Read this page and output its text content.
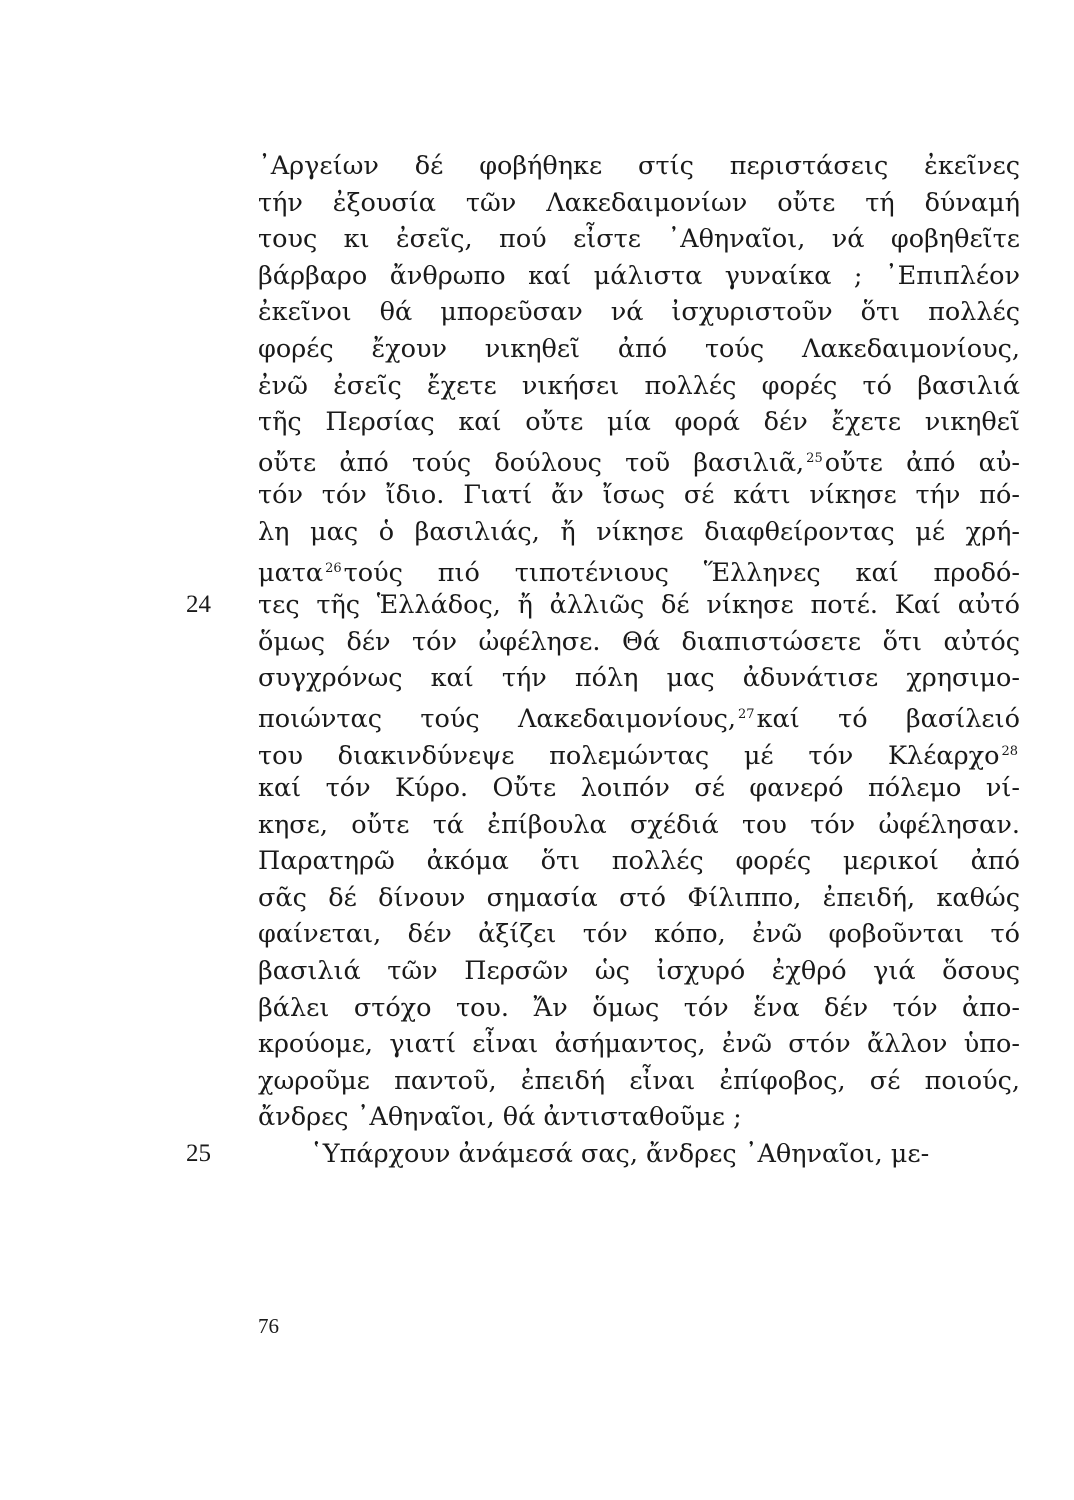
᾿Αργείων δέ φοβήθηκε στίς περιστάσεις ἐκεῖνες
τήν ἐξουσία τῶν Λακεδαιμονίων οὔτε τή δύναμή
τους κι ἐσεῖς, πού εἶστε ᾿Αθηναῖοι, νά φοβηθεῖτε
βάρβαρο ἄνθρωπο καί μάλιστα γυναίκα ; ᾿Επιπλέον
ἐκεῖνοι θά μπορεῦσαν νά ἰσχυριστοῦν ὅτι πολλές
φορές ἔχουν νικηθεῖ ἀπό τούς Λακεδαιμονίους,
ἐνῶ ἐσεῖς ἔχετε νικήσει πολλές φορές τό βασιλιά
τῆς Περσίας καί οὔτε μία φορά δέν ἔχετε νικηθεῖ
οὔτε ἀπό τούς δούλους τοῦ βασιλιᾶ, $^{25}$οὔτε ἀπό αὐ-
τόν τόν ἴδιο. Γιατί ἄν ἴσως σέ κάτι νίκησε τήν πό-
λη μας ὁ βασιλιάς, ἤ νίκησε διαφθείροντας μέ χρή-
ματα $^{26}$τούς πιό τιποτένιους Ἕλληνες καί προδό-
τες τῆς Ἑλλάδος, ἤ ἀλλιῶς δέ νίκησε ποτέ. Καί αὐτό
ὅμως δέν τόν ὠφέλησε. Θά διαπιστώσετε ὅτι αὐτός
συγχρόνως καί τήν πόλη μας ἀδυνάτισε χρησιμο-
ποιώντας τούς Λακεδαιμονίους, $^{27}$καί τό βασίλειό
του διακινδύνεψε πολεμώντας μέ τόν Κλέαρχο $^{28}$
καί τόν Κύρο. Οὔτε λοιπόν σέ φανερό πόλεμο νί-
κησε, οὔτε τά ἐπίβουλα σχέδιά του τόν ὠφέλησαν.
Παρατηρῶ ἀκόμα ὅτι πολλές φορές μερικοί ἀπό
σᾶς δέ δίνουν σημασία στό Φίλιππο, ἐπειδή, καθώς
φαίνεται, δέν ἀξίζει τόν κόπο, ἐνῶ φοβοῦνται τό
βασιλιά τῶν Περσῶν ὡς ἰσχυρό ἐχθρό γιά ὅσους
βάλει στόχο του. Ἄν ὅμως τόν ἕνα δέν τόν ἀπο-
κρούομε, γιατί εἶναι ἀσήμαντος, ἐνῶ στόν ἄλλον ὑπο-
χωροῦμε παντοῦ, ἐπειδή εἶναι ἐπίφοβος, σέ ποιούς,
ἄνδρες ᾿Αθηναῖοι, θά ἀντισταθοῦμε ;
῾Υπάρχουν ἀνάμεσά σας, ἄνδρες ᾿Αθηναῖοι, με-
24
25
76
